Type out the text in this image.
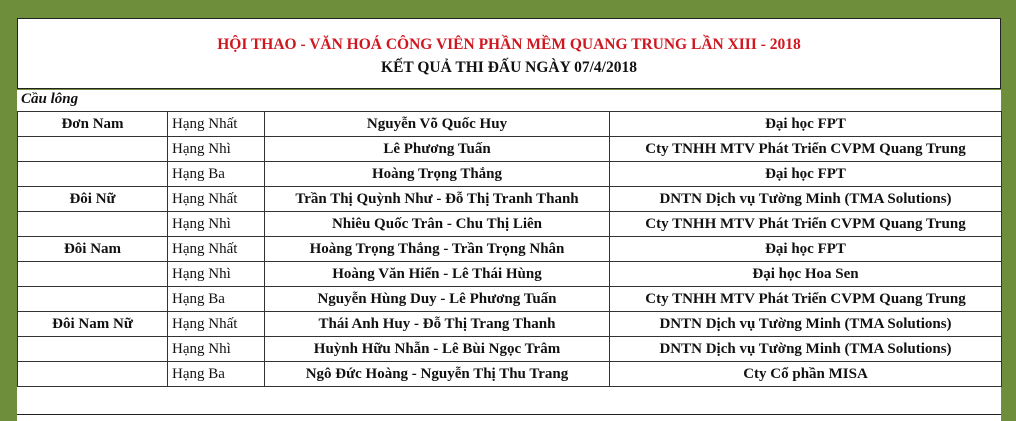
HỘI THAO - VĂN HOÁ CÔNG VIÊN PHẦN MỀM QUANG TRUNG LẦN XIII - 2018
KẾT QUẢ THI ĐẤU NGÀY 07/4/2018
Cầu lông
Đơn Nam	Hạng Nhất	Nguyễn Võ Quốc Huy	Đại học FPT
	Hạng Nhì	Lê Phương Tuấn	Cty TNHH MTV Phát Triển CVPM Quang Trung
	Hạng Ba	Hoàng Trọng Thắng	Đại học FPT
Đôi Nữ	Hạng Nhất	Trần Thị Quỳnh Như - Đỗ Thị Tranh Thanh	DNTN Dịch vụ Tường Minh (TMA Solutions)
	Hạng Nhì	Nhiêu Quốc Trân - Chu Thị Liên	Cty TNHH MTV Phát Triển CVPM Quang Trung
Đôi Nam	Hạng Nhất	Hoàng Trọng Thắng - Trần Trọng Nhân	Đại học FPT
	Hạng Nhì	Hoàng Văn Hiển - Lê Thái Hùng	Đại học Hoa Sen
	Hạng Ba	Nguyễn Hùng Duy - Lê Phương Tuấn	Cty TNHH MTV Phát Triển CVPM Quang Trung
Đôi Nam Nữ	Hạng Nhất	Thái Anh Huy - Đỗ Thị Trang Thanh	DNTN Dịch vụ Tường Minh (TMA Solutions)
	Hạng Nhì	Huỳnh Hữu Nhẫn - Lê Bùi Ngọc Trâm	DNTN Dịch vụ Tường Minh (TMA Solutions)
	Hạng Ba	Ngô Đức Hoàng - Nguyễn Thị Thu Trang	Cty Cổ phần MISA
